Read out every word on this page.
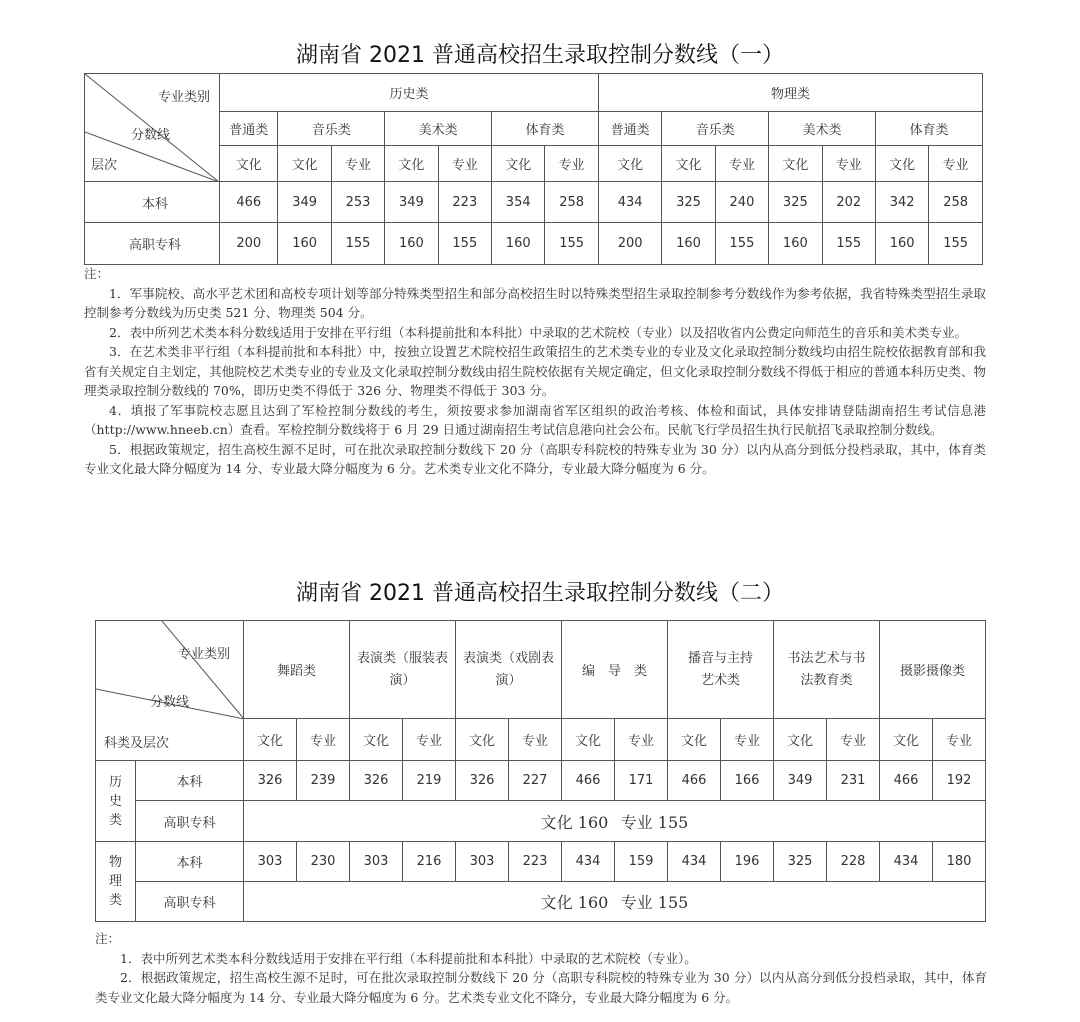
湖南省 2021 普通高校招生录取控制分数线（一）
专业类别
分数线
层次	历史类							物理类						
	普通类	音乐类		美术类		体育类		普通类	音乐类		美术类		体育类	
	文化	文化	专业	文化	专业	文化	专业	文化	文化	专业	文化	专业	文化	专业
本科	466	349	253	349	223	354	258	434	325	240	325	202	342	258
高职专科	200	160	155	160	155	160	155	200	160	155	160	155	160	155

注：

1．军事院校、高水平艺术团和高校专项计划等部分特殊类型招生和部分高校招生时以特殊类型招生录取控制参考分数线作为参考依据，我省特殊类型招生录取控制参考分数线为历史类 521 分、物理类 504 分。

2．表中所列艺术类本科分数线适用于安排在平行组（本科提前批和本科批）中录取的艺术院校（专业）以及招收省内公费定向师范生的音乐和美术类专业。

3．在艺术类非平行组（本科提前批和本科批）中，按独立设置艺术院校招生政策招生的艺术类专业的专业及文化录取控制分数线均由招生院校依据教育部和我省有关规定自主划定，其他院校艺术类专业的专业及文化录取控制分数线由招生院校依据有关规定确定，但文化录取控制分数线不得低于相应的普通本科历史类、物理类录取控制分数线的 70%，即历史类不得低于 326 分、物理类不得低于 303 分。

4．填报了军事院校志愿且达到了军检控制分数线的考生，须按要求参加湖南省军区组织的政治考核、体检和面试，具体安排请登陆湖南招生考试信息港（http://www.hneeb.cn）查看。军检控制分数线将于 6 月 29 日通过湖南招生考试信息港向社会公布。民航飞行学员招生执行民航招飞录取控制分数线。

5．根据政策规定，招生高校生源不足时，可在批次录取控制分数线下 20 分（高职专科院校的特殊专业为 30 分）以内从高分到低分投档录取，其中，体育类专业文化最大降分幅度为 14 分、专业最大降分幅度为 6 分。艺术类专业文化不降分，专业最大降分幅度为 6 分。

湖南省 2021 普通高校招生录取控制分数线（二）
专业类别
分数线
科类及层次		舞蹈类		表演类（服装表演）		表演类（戏剧表演）		编　导　类		播音与主持艺术类		书法艺术与书法教育类		摄影摄像类	
		文化	专业	文化	专业	文化	专业	文化	专业	文化	专业	文化	专业	文化	专业

历史类	本科	326	239	326	219	326	227	466	171	466	166	349	231	466	192
	高职专科	文化 160 专业 155													

物理类	本科	303	230	303	216	303	223	434	159	434	196	325	228	434	180
	高职专科	文化 160 专业 155													

注：

1．表中所列艺术类本科分数线适用于安排在平行组（本科提前批和本科批）中录取的艺术院校（专业）。

2．根据政策规定，招生高校生源不足时，可在批次录取控制分数线下 20 分（高职专科院校的特殊专业为 30 分）以内从高分到低分投档录取，其中，体育类专业文化最大降分幅度为 14 分、专业最大降分幅度为 6 分。艺术类专业文化不降分，专业最大降分幅度为 6 分。
